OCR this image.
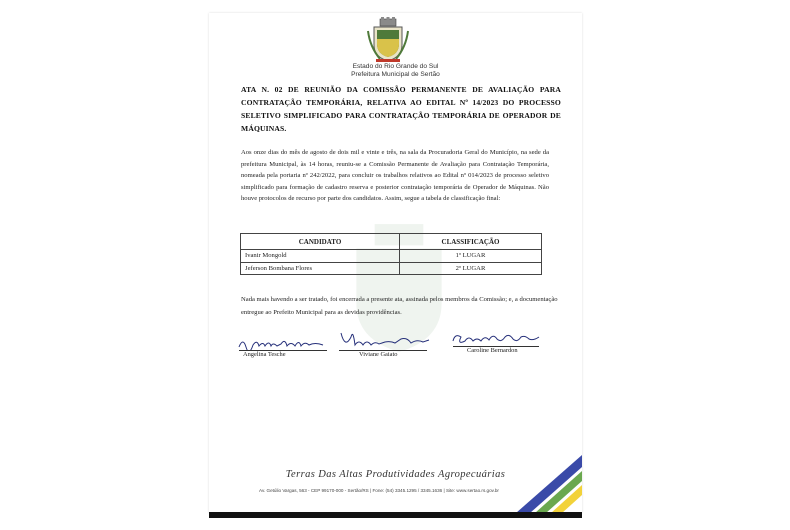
Estado do Rio Grande do Sul
Prefeitura Municipal de Sertão
ATA N. 02 DE REUNIÃO DA COMISSÃO PERMANENTE DE AVALIAÇÃO PARA CONTRATAÇÃO TEMPORÁRIA, RELATIVA AO EDITAL Nº 14/2023 DO PROCESSO SELETIVO SIMPLIFICADO PARA CONTRATAÇÃO TEMPORÁRIA DE OPERADOR DE MÁQUINAS.
Aos onze dias do mês de agosto de dois mil e vinte e três, na sala da Procuradoria Geral do Município, na sede da prefeitura Municipal, às 14 horas, reuniu-se a Comissão Permanente de Avaliação para Contratação Temporária, nomeada pela portaria nº 242/2022, para concluir os trabalhos relativos ao Edital nº 014/2023 de processo seletivo simplificado para formação de cadastro reserva e posterior contratação temporária de Operador de Máquinas. Não houve protocolos de recurso por parte dos candidatos. Assim, segue a tabela de classificação final:
CANDIDATO	CLASSIFICAÇÃO
Ivanir Mongold	1º LUGAR
Jeferson Bombana Flores	2º LUGAR
Nada mais havendo a ser tratado, foi encerrada a presente ata, assinada pelos membros da Comissão; e, a documentação entregue ao Prefeito Municipal para as devidas providências.
Angelina Tesche	Viviane Gaiato
Caroline Bernardon
Terras Das Altas Produtividades Agropecuárias
Av. Getúlio Vargas, 563 - CEP 99170-000 - Sertão/RS | Fone: (54) 3345.1295 / 3345.1636 | Site: www.sertao.rs.gov.br
